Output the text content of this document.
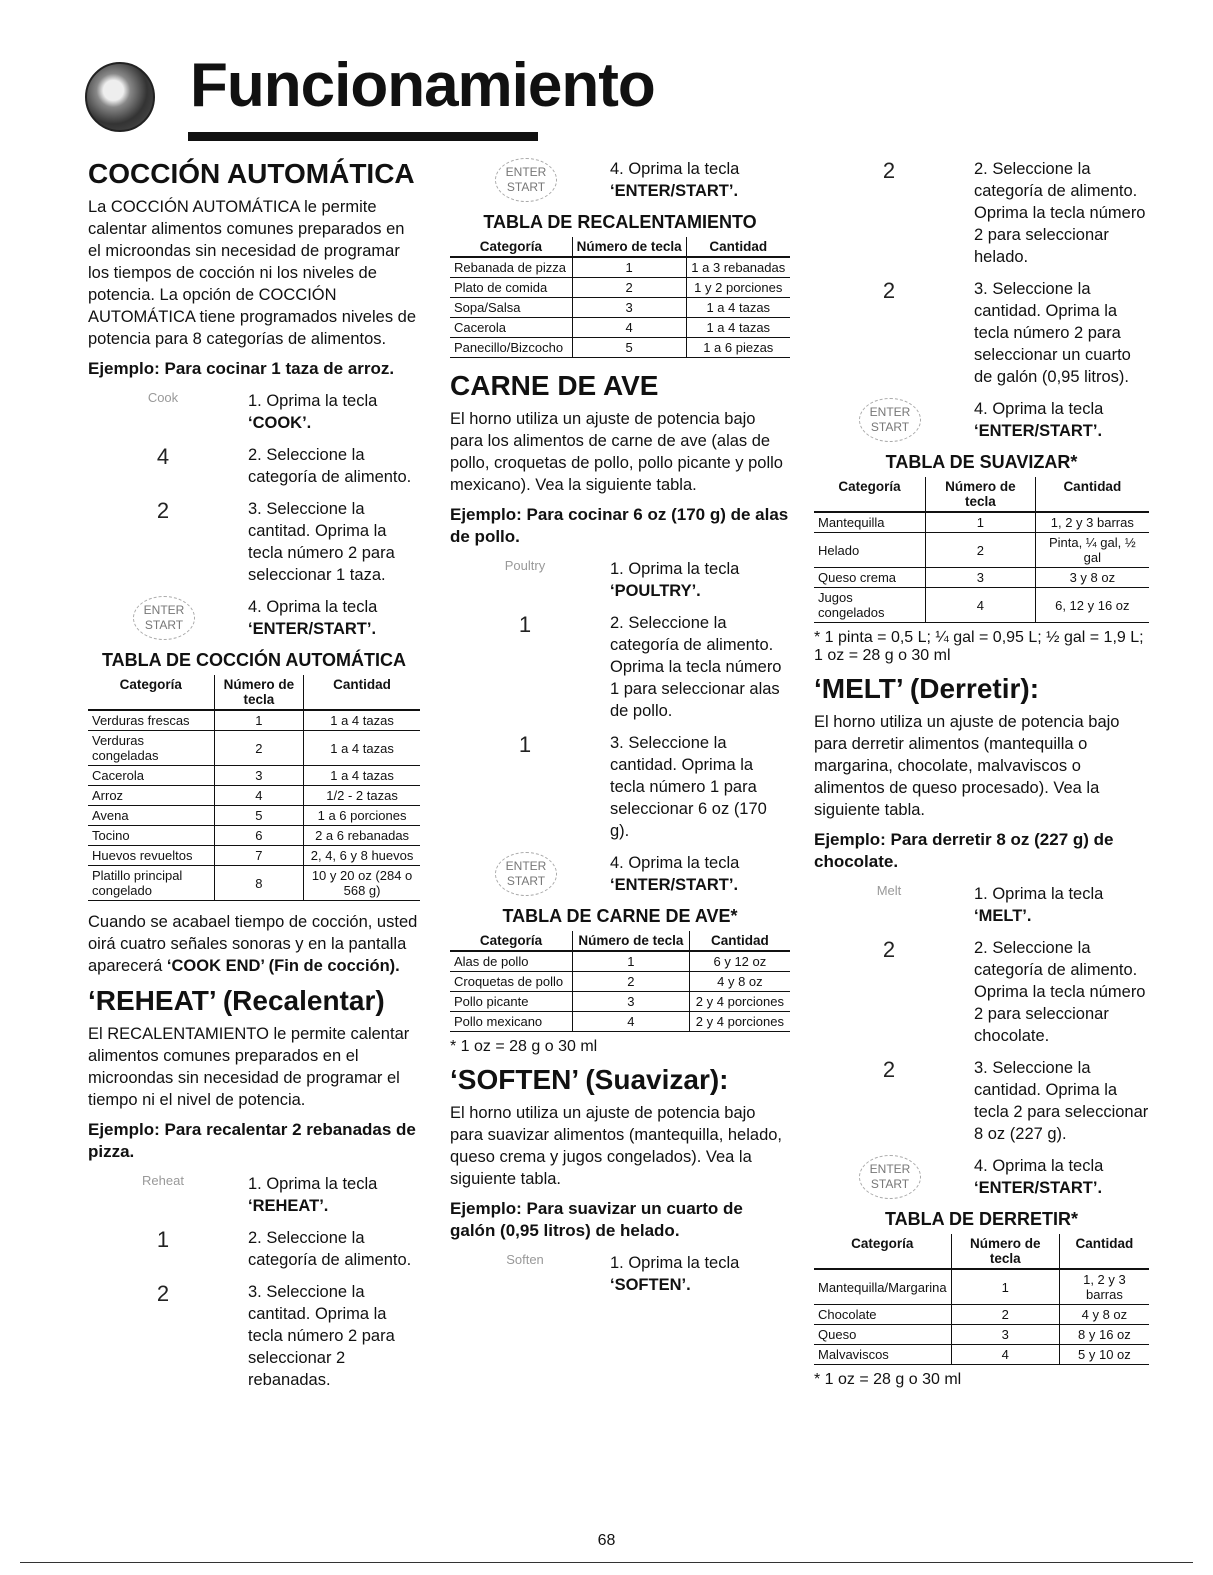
Funcionamiento
COCCIÓN AUTOMÁTICA

La COCCIÓN AUTOMÁTICA le permite calentar alimentos comunes preparados en el microondas sin necesidad de programar los tiempos de cocción ni los niveles de potencia. La opción de COCCIÓN AUTOMÁTICA tiene programados niveles de potencia para 8 categorías de alimentos.

Ejemplo: Para cocinar 1 taza de arroz.
Cook	1. Oprima la tecla
‘COOK’.
4	2. Seleccione la categoría de alimento.
2	3. Seleccione la cantitad. Oprima la tecla número 2 para seleccionar 1 taza.
ENTER START
4. Oprima la tecla
‘ENTER/START’.
TABLA DE COCCIÓN AUTOMÁTICA
Categoría	Número de tecla	Cantidad
Verduras frescas	1	1 a 4 tazas
Verduras congeladas	2	1 a 4 tazas
Cacerola	3	1 a 4 tazas
Arroz	4	1/2 - 2 tazas
Avena	5	1 a 6 porciones
Tocino	6	2 a 6 rebanadas
Huevos revueltos	7	2, 4, 6 y 8 huevos
Platillo principal congelado	8	10 y 20 oz (284 o 568 g)

Cuando se acabael tiempo de cocción, usted oirá cuatro señales sonoras y en la pantalla aparecerá ‘COOK END’ (Fin de cocción).

‘REHEAT’ (Recalentar)

El RECALENTAMIENTO le permite calentar alimentos comunes preparados en el microondas sin necesidad de programar el tiempo ni el nivel de potencia.

Ejemplo: Para recalentar 2 rebanadas de pizza.
Reheat	1. Oprima la tecla
‘REHEAT’.
1	2. Seleccione la categoría de alimento.
2	3. Seleccione la cantitad. Oprima la tecla número 2 para seleccionar 2 rebanadas.
ENTER START
4. Oprima la tecla
‘ENTER/START’.
TABLA DE RECALENTAMIENTO
Categoría	Número de tecla	Cantidad
Rebanada de pizza	1	1 a 3 rebanadas
Plato de comida	2	1 y 2 porciones
Sopa/Salsa	3	1 a 4 tazas
Cacerola	4	1 a 4 tazas
Panecillo/Bizcocho	5	1 a 6 piezas
CARNE DE AVE

El horno utiliza un ajuste de potencia bajo para los alimentos de carne de ave (alas de pollo, croquetas de pollo, pollo picante y pollo mexicano). Vea la siguiente tabla.

Ejemplo: Para cocinar 6 oz (170 g) de alas de pollo.
Poultry	1. Oprima la tecla
‘POULTRY’.
1	2. Seleccione la categoría de alimento. Oprima la tecla número 1 para seleccionar alas de pollo.
1	3. Seleccione la cantidad. Oprima la tecla número 1 para seleccionar 6 oz (170 g).
ENTER START
4. Oprima la tecla
‘ENTER/START’.
TABLA DE CARNE DE AVE*
Categoría	Número de tecla	Cantidad
Alas de pollo	1	6 y 12 oz
Croquetas de pollo	2	4 y 8 oz
Pollo picante	3	2 y 4 porciones
Pollo mexicano	4	2 y 4 porciones
* 1 oz = 28 g o 30 ml
‘SOFTEN’ (Suavizar):

El horno utiliza un ajuste de potencia bajo para suavizar alimentos (mantequilla, helado, queso crema y jugos congelados). Vea la siguiente tabla.

Ejemplo: Para suavizar un cuarto de galón (0,95 litros) de helado.
Soften	1. Oprima la tecla
‘SOFTEN’.
2	2. Seleccione la categoría de alimento. Oprima la tecla número 2 para seleccionar helado.
2	3. Seleccione la cantidad. Oprima la tecla número 2 para seleccionar un cuarto de galón (0,95 litros).
ENTER START
4. Oprima la tecla
‘ENTER/START’.
TABLA DE SUAVIZAR*
Categoría	Número de tecla	Cantidad
Mantequilla	1	1, 2 y 3 barras
Helado	2	Pinta, ¼ gal, ½ gal
Queso crema	3	3 y 8 oz
Jugos congelados	4	6, 12 y 16 oz
* 1 pinta = 0,5 L; ¼ gal = 0,95 L; ½ gal = 1,9 L; 1 oz = 28 g o 30 ml
‘MELT’ (Derretir):

El horno utiliza un ajuste de potencia bajo para derretir alimentos (mantequilla o margarina, chocolate, malvaviscos o alimentos de queso procesado). Vea la siguiente tabla.

Ejemplo: Para derretir 8 oz (227 g) de chocolate.
Melt	1. Oprima la tecla
‘MELT’.
2	2. Seleccione la categoría de alimento. Oprima la tecla número 2 para seleccionar chocolate.
2	3. Seleccione la cantidad. Oprima la tecla 2 para seleccionar 8 oz (227 g).
ENTER START
4. Oprima la tecla
‘ENTER/START’.
TABLA DE DERRETIR*
Categoría	Número de tecla	Cantidad
Mantequilla/Margarina	1	1, 2 y 3 barras
Chocolate	2	4 y 8 oz
Queso	3	8 y 16 oz
Malvaviscos	4	5 y 10 oz
* 1 oz = 28 g o 30 ml
68
